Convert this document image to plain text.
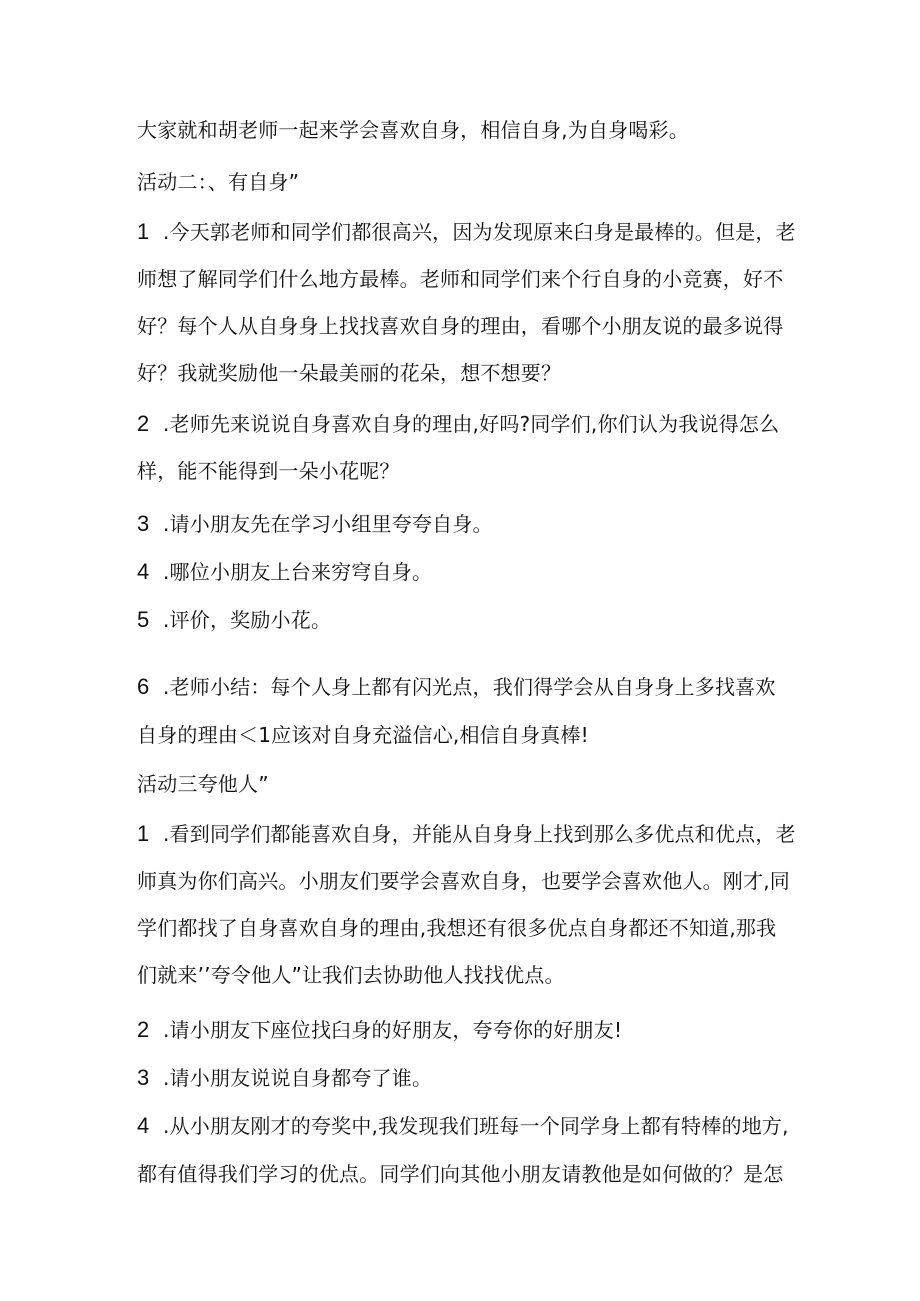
大家就和胡老师一起来学会喜欢自身，相信自身,为自身喝彩。
活动二：、有自身”
1 .今天郭老师和同学们都很高兴，因为发现原来臼身是最棒的。但是，老
师想了解同学们什么地方最棒。老师和同学们来个行自身的小竞赛，好不
好？每个人从自身身上找找喜欢自身的理由，看哪个小朋友说的最多说得
好？我就奖励他一朵最美丽的花朵，想不想要？
2 .老师先来说说自身喜欢自身的理由,好吗?同学们,你们认为我说得怎么
样，能不能得到一朵小花呢？
3 .请小朋友先在学习小组里夸夸自身。
4 .哪位小朋友上台来穷穹自身。
5 .评价，奖励小花。
6 .老师小结：每个人身上都有闪光点，我们得学会从自身身上多找喜欢
自身的理由＜1应该对自身充溢信心,相信自身真棒!
活动三夸他人”
1 .看到同学们都能喜欢自身，并能从自身身上找到那么多优点和优点，老
师真为你们高兴。小朋友们要学会喜欢自身，也要学会喜欢他人。刚才,同
学们都找了自身喜欢自身的理由,我想还有很多优点自身都还不知道,那我
们就来’’夸令他人”让我们去协助他人找找优点。
2 .请小朋友下座位找臼身的好朋友，夸夸你的好朋友!
3 .请小朋友说说自身都夸了谁。
4 .从小朋友刚才的夸奖中,我发现我们班每一个同学身上都有特棒的地方,
都有值得我们学习的优点。同学们向其他小朋友请教他是如何做的？是怎
